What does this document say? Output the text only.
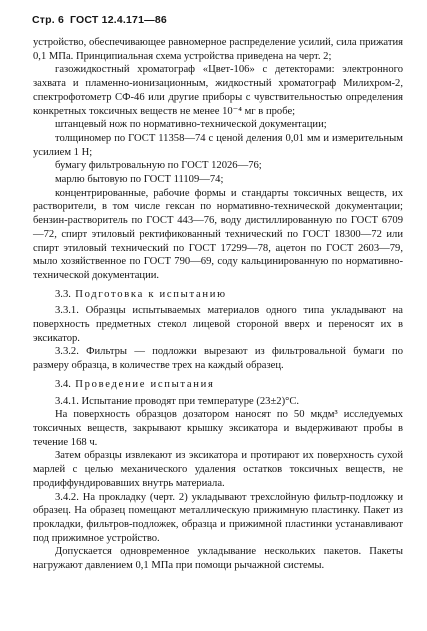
Стр. 6 ГОСТ 12.4.171—86

устройство, обеспечивающее равномерное распределение усилий, сила прижатия 0,1 МПа. Принципиальная схема устройства приведена на черт. 2;

газожидкостный хроматограф «Цвет-106» с детекторами: электронного захвата и пламенно-ионизационным, жидкостный хроматограф Милихром-2, спектрофотометр СФ-46 или другие приборы с чувствительностью определения конкретных токсичных веществ не менее 10⁻⁴ мг в пробе;

штанцевый нож по нормативно-технической документации;

толщиномер по ГОСТ 11358—74 с ценой деления 0,01 мм и измерительным усилием 1 Н;

бумагу фильтровальную по ГОСТ 12026—76;

марлю бытовую по ГОСТ 11109—74;

концентрированные, рабочие формы и стандарты токсичных веществ, их растворители, в том числе гексан по нормативно-технической документации; бензин-растворитель по ГОСТ 443—76, воду дистиллированную по ГОСТ 6709—72, спирт этиловый ректификованный технический по ГОСТ 18300—72 или спирт этиловый технический по ГОСТ 17299—78, ацетон по ГОСТ 2603—79, мыло хозяйственное по ГОСТ 790—69, соду кальцинированную по нормативно-технической документации.

3.3. Подготовка к испытанию

3.3.1. Образцы испытываемых материалов одного типа укладывают на поверхность предметных стекол лицевой стороной вверх и переносят их в эксикатор.

3.3.2. Фильтры — подложки вырезают из фильтровальной бумаги по размеру образца, в количестве трех на каждый образец.

3.4. Проведение испытания

3.4.1. Испытание проводят при температуре (23±2)°С.

На поверхность образцов дозатором наносят по 50 мкдм³ исследуемых токсичных веществ, закрывают крышку эксикатора и выдерживают пробы в течение 168 ч.

Затем образцы извлекают из эксикатора и протирают их поверхность сухой марлей с целью механического удаления остатков токсичных веществ, не продиффундировавших внутрь материала.

3.4.2. На прокладку (черт. 2) укладывают трехслойную фильтр-подложку и образец. На образец помещают металлическую прижимную пластинку. Пакет из прокладки, фильтров-подложек, образца и прижимной пластинки устанавливают под прижимное устройство.

Допускается одновременное укладывание нескольких пакетов. Пакеты нагружают давлением 0,1 МПа при помощи рычажной системы.
